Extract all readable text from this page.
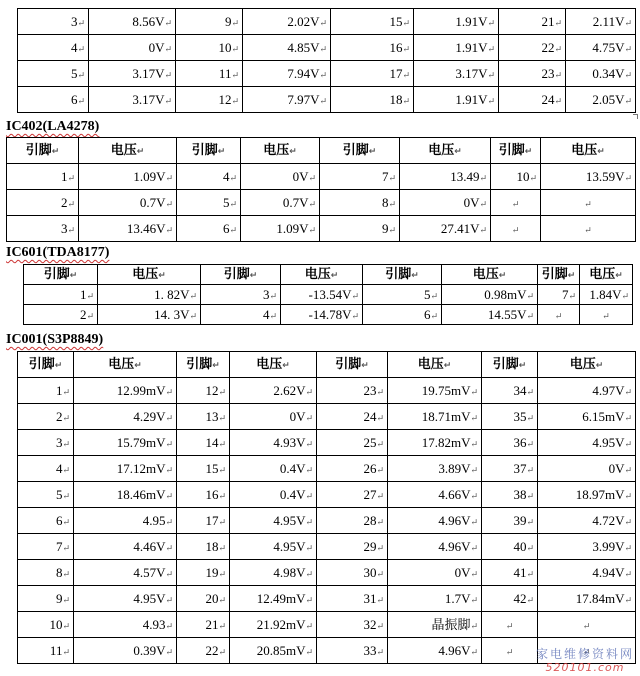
3 ↵	8.56V ↵	9 ↵	2.02V ↵	15 ↵	1.91V ↵	21 ↵	2.11V ↵
4 ↵	0V ↵	10 ↵	4.85V ↵	16 ↵	1.91V ↵	22 ↵	4.75V ↵
5 ↵	3.17V ↵	11 ↵	7.94V ↵	17 ↵	3.17V ↵	23 ↵	0.34V ↵
6 ↵	3.17V ↵	12 ↵	7.97V ↵	18 ↵	1.91V ↵	24 ↵	2.05V ↵
IC402(LA4278)
引脚 ↵	电压 ↵	引脚 ↵	电压 ↵	引脚 ↵	电压 ↵	引脚 ↵	电压 ↵
1 ↵	1.09V ↵	4 ↵	0V ↵	7 ↵	13.49 ↵	10 ↵	13.59V ↵
2 ↵	0.7V ↵	5 ↵	0.7V ↵	8 ↵	0V ↵	↵	↵
3 ↵	13.46V ↵	6 ↵	1.09V ↵	9 ↵	27.41V ↵	↵	↵
IC601(TDA8177)
引脚 ↵	电压 ↵	引脚 ↵	电压 ↵	引脚 ↵	电压 ↵	引脚 ↵	电压 ↵
1 ↵	1. 82V ↵	3 ↵	-13.54V ↵	5 ↵	0.98mV ↵	7 ↵	1.84V ↵
2 ↵	14. 3V ↵	4 ↵	-14.78V ↵	6 ↵	14.55V ↵	↵	↵
IC001(S3P8849)
引脚 ↵	电压 ↵	引脚 ↵	电压 ↵	引脚 ↵	电压 ↵	引脚 ↵	电压 ↵
1 ↵	12.99mV ↵	12 ↵	2.62V ↵	23 ↵	19.75mV ↵	34 ↵	4.97V ↵
2 ↵	4.29V ↵	13 ↵	0V ↵	24 ↵	18.71mV ↵	35 ↵	6.15mV ↵
3 ↵	15.79mV ↵	14 ↵	4.93V ↵	25 ↵	17.82mV ↵	36 ↵	4.95V ↵
4 ↵	17.12mV ↵	15 ↵	0.4V ↵	26 ↵	3.89V ↵	37 ↵	0V ↵
5 ↵	18.46mV ↵	16 ↵	0.4V ↵	27 ↵	4.66V ↵	38 ↵	18.97mV ↵
6 ↵	4.95 ↵	17 ↵	4.95V ↵	28 ↵	4.96V ↵	39 ↵	4.72V ↵
7 ↵	4.46V ↵	18 ↵	4.95V ↵	29 ↵	4.96V ↵	40 ↵	3.99V ↵
8 ↵	4.57V ↵	19 ↵	4.98V ↵	30 ↵	0V ↵	41 ↵	4.94V ↵
9 ↵	4.95V ↵	20 ↵	12.49mV ↵	31 ↵	1.7V ↵	42 ↵	17.84mV ↵
10 ↵	4.93 ↵	21 ↵	21.92mV ↵	32 ↵	晶振脚 ↵	↵	↵
11 ↵	0.39V ↵	22 ↵	20.85mV ↵	33 ↵	4.96V ↵	↵	↵	家电维修资料网
520101.com
